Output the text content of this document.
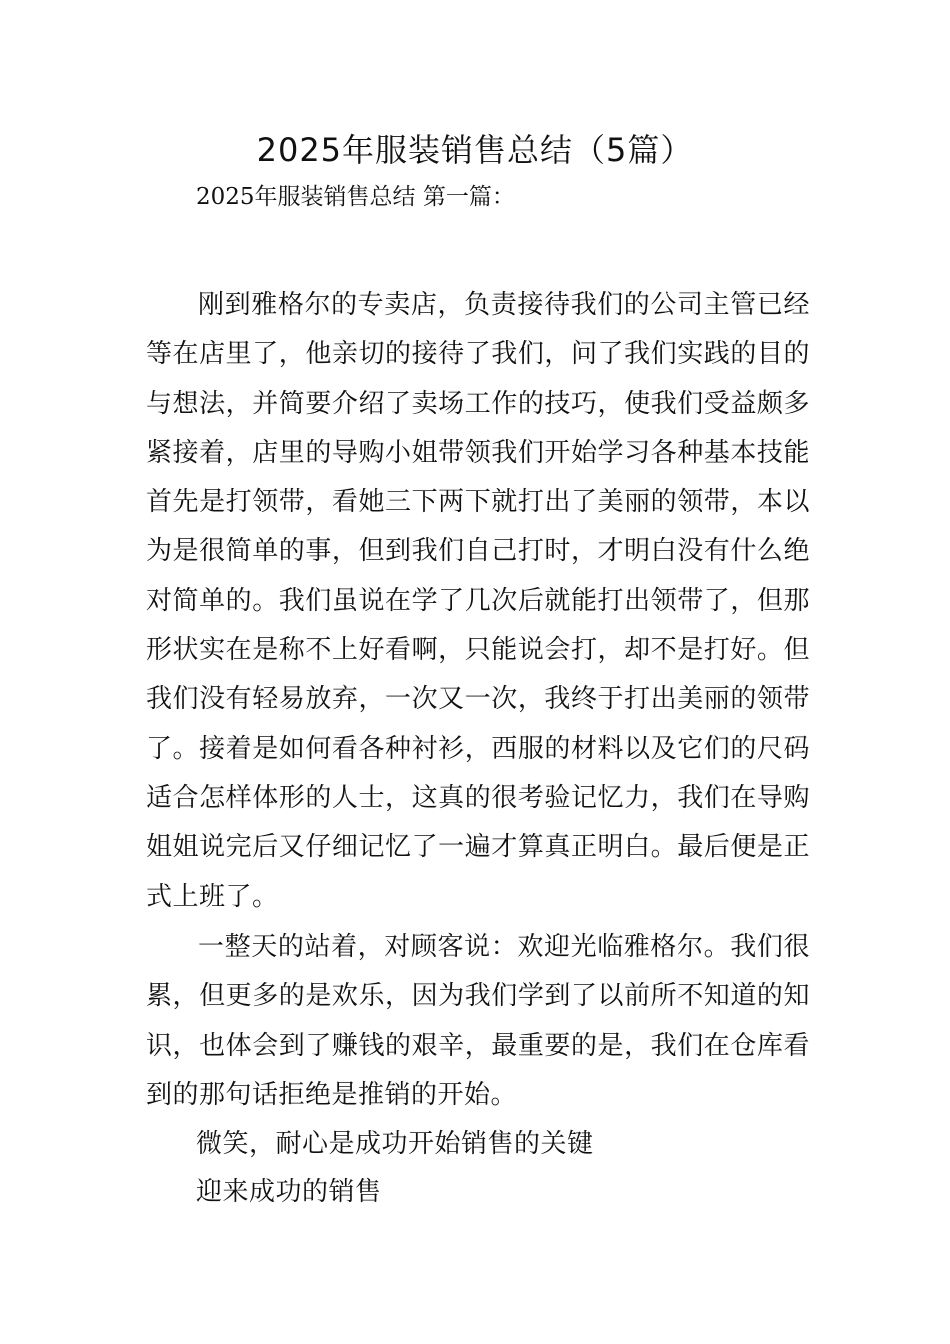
2025年服装销售总结（5篇）

2025年服装销售总结 第一篇：

刚到雅格尔的专卖店，负责接待我们的公司主管已经等在店里了，他亲切的接待了我们，问了我们实践的目的与想法，并简要介绍了卖场工作的技巧，使我们受益颇多紧接着，店里的导购小姐带领我们开始学习各种基本技能首先是打领带，看她三下两下就打出了美丽的领带，本以为是很简单的事，但到我们自己打时，才明白没有什么绝对简单的。我们虽说在学了几次后就能打出领带了，但那形状实在是称不上好看啊，只能说会打，却不是打好。但我们没有轻易放弃，一次又一次，我终于打出美丽的领带了。接着是如何看各种衬衫，西服的材料以及它们的尺码适合怎样体形的人士，这真的很考验记忆力，我们在导购姐姐说完后又仔细记忆了一遍才算真正明白。最后便是正式上班了。

一整天的站着，对顾客说：欢迎光临雅格尔。我们很累，但更多的是欢乐，因为我们学到了以前所不知道的知识，也体会到了赚钱的艰辛，最重要的是，我们在仓库看到的那句话拒绝是推销的开始。

微笑，耐心是成功开始销售的关键

迎来成功的销售
